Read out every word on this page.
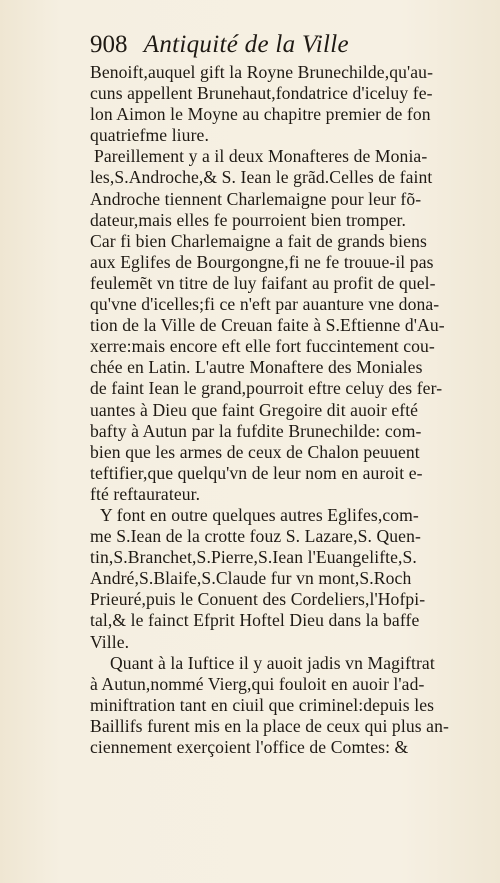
908 Antiquité de la Ville
Benoift,auquel gift la Royne Brunechilde,qu'au-
cuns appellent Brunehaut,fondatrice d'iceluy fe-
lon Aimon le Moyne au chapitre premier de fon
quatriefme liure.
Pareillement y a il deux Monafteres de Monia-
les,S.Androche,& S. Iean le grãd.Celles de faint
Androche tiennent Charlemaigne pour leur fõ-
dateur,mais elles fe pourroient bien tromper.
Car fi bien Charlemaigne a fait de grands biens
aux Eglifes de Bourgongne,fi ne fe trouue-il pas
feulemẽt vn titre de luy faifant au profit de quel-
qu'vne d'icelles;fi ce n'eft par auanture vne dona-
tion de la Ville de Creuan faite à S.Eftienne d'Au-
xerre:mais encore eft elle fort fuccintement cou-
chée en Latin. L'autre Monaftere des Moniales
de faint Iean le grand,pourroit eftre celuy des fer-
uantes à Dieu que faint Gregoire dit auoir efté
bafty à Autun par la fufdite Brunechilde: com-
bien que les armes de ceux de Chalon peuuent
teftifier,que quelqu'vn de leur nom en auroit e-
fté reftaurateur.
Y font en outre quelques autres Eglifes,com-
me S.Iean de la crotte fouz S. Lazare,S. Quen-
tin,S.Branchet,S.Pierre,S.Iean l'Euangelifte,S.
André,S.Blaife,S.Claude fur vn mont,S.Roch
Prieuré,puis le Conuent des Cordeliers,l'Hofpi-
tal,& le fainct Efprit Hoftel Dieu dans la baffe
Ville.
Quant à la Iuftice il y auoit jadis vn Magiftrat
à Autun,nommé Vierg,qui fouloit en auoir l'ad-
miniftration tant en ciuil que criminel:depuis les
Baillifs furent mis en la place de ceux qui plus an-
ciennement exerçoient l'office de Comtes: &
